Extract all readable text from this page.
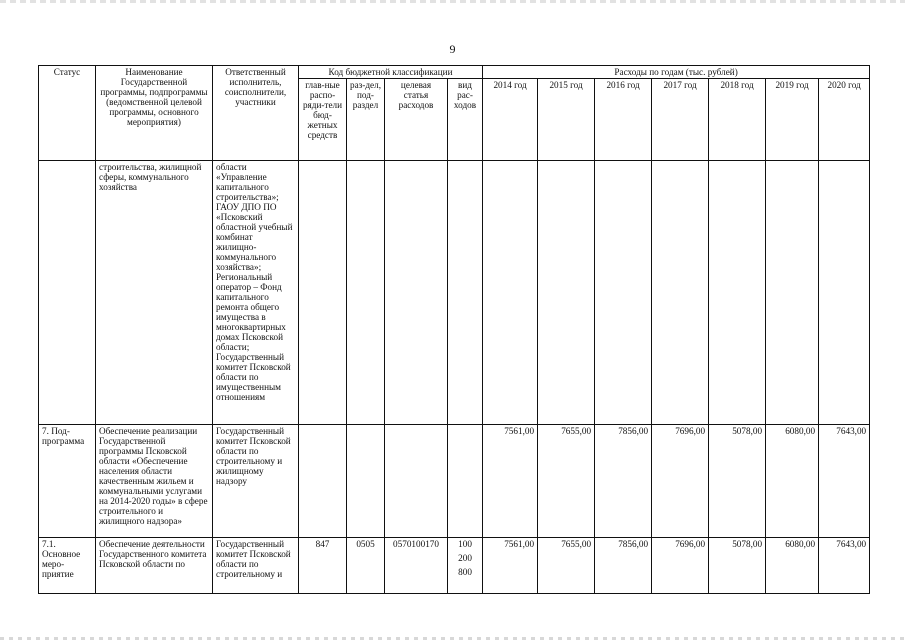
9
Статус	Наименование Государственной программы, подпрограммы (ведомственной целевой программы, основного мероприятия)	Ответственный исполнитель, соисполнители, участники	Код бюджетной классификации				Расходы по годам (тыс. рублей)						
			глав-ные распо-ряди-тели бюд-жетных средств	раз-дел, под-раздел	целевая статья расходов	вид рас-ходов	2014 год	2015 год	2016 год	2017 год	2018 год	2019 год	2020 год
	строительства, жилищной сферы, коммунального хозяйства	области «Управление капитального строительства»; ГАОУ ДПО ПО «Псковский областной учебный комбинат жилищно-коммунального хозяйства»; Региональный оператор – Фонд капитального ремонта общего имущества в многоквартирных домах Псковской области; Государственный комитет Псковской области по имущественным отношениям											
7. Под-программа	Обеспечение реализации Государственной программы Псковской области «Обеспечение населения области качественным жильем и коммунальными услугами на 2014-2020 годы» в сфере строительного и жилищного надзора»	Государственный комитет Псковской области по строительному и жилищному надзору					7561,00	7655,00	7856,00	7696,00	5078,00	6080,00	7643,00
7.1. Основное меро-приятие	Обеспечение деятельности Государственного комитета Псковской области по	Государственный комитет Псковской области по строительному и	847	0505	0570100170	100
200
800	7561,00	7655,00	7856,00	7696,00	5078,00	6080,00	7643,00
